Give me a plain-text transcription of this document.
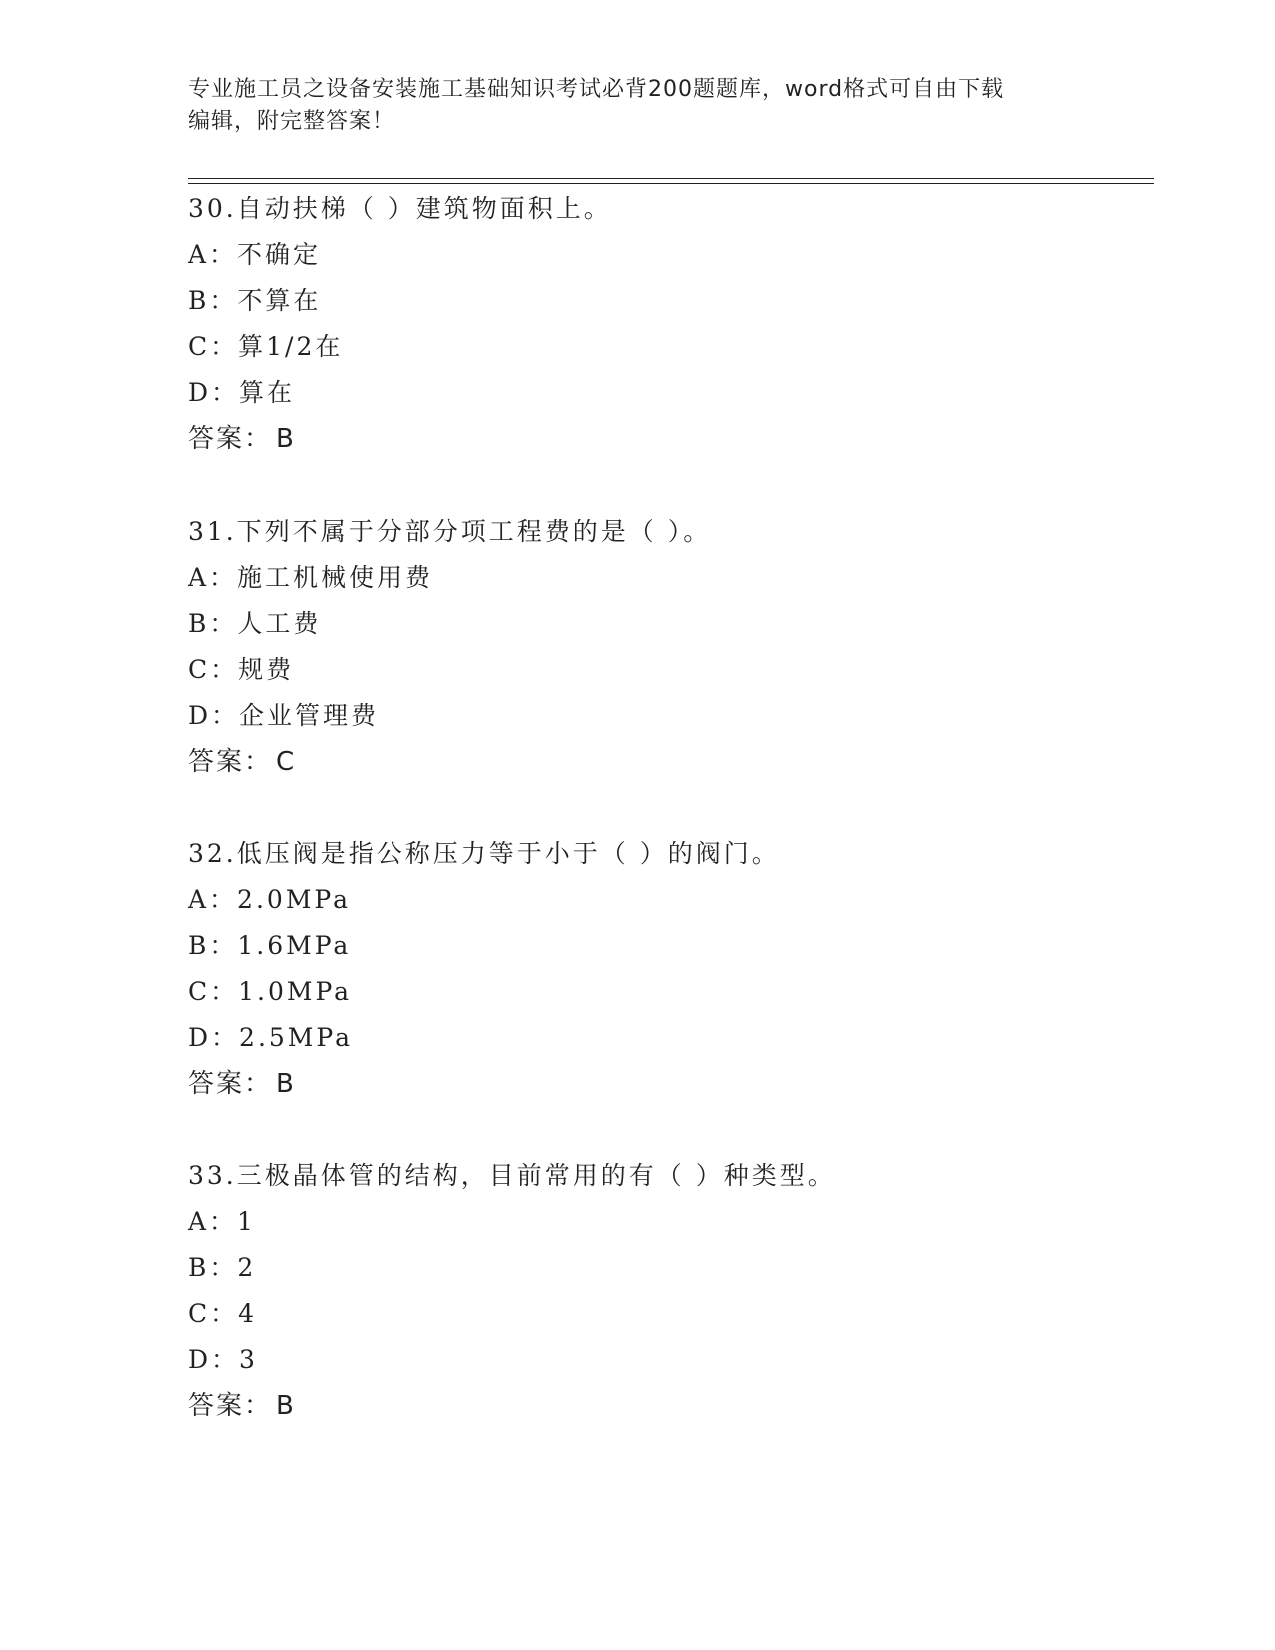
专业施工员之设备安装施工基础知识考试必背200题题库，word格式可自由下载
编辑，附完整答案！
30.自动扶梯（ ）建筑物面积上。
A：不确定
B：不算在
C：算1/2在
D：算在
答案： B
31.下列不属于分部分项工程费的是（ ）。
A：施工机械使用费
B：人工费
C：规费
D：企业管理费
答案： C
32.低压阀是指公称压力等于小于（ ）的阀门。
A：2.0MPa
B：1.6MPa
C：1.0MPa
D：2.5MPa
答案： B
33.三极晶体管的结构，目前常用的有（ ）种类型。
A：1
B：2
C：4
D：3
答案： B
